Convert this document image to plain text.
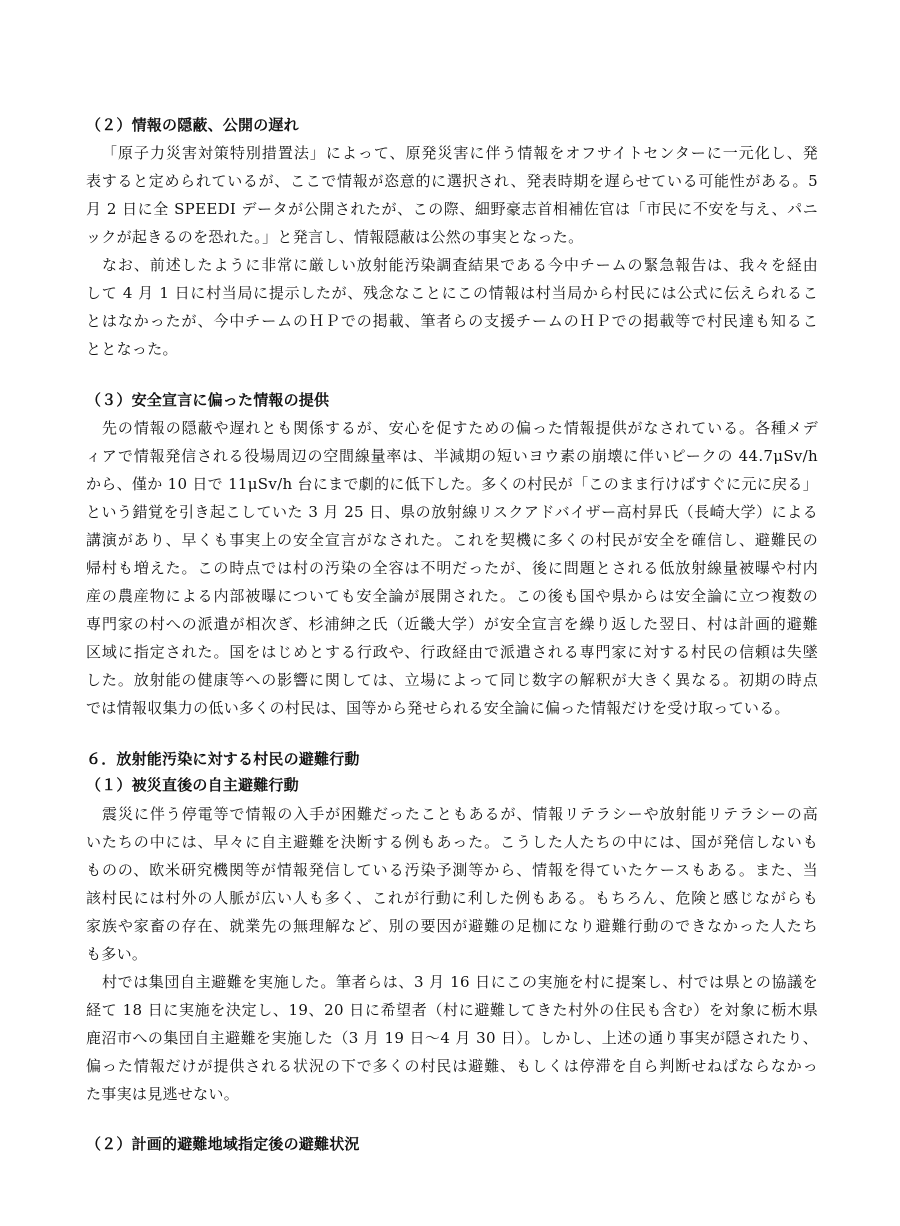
（２）情報の隠蔽、公開の遅れ
「原子力災害対策特別措置法」によって、原発災害に伴う情報をオフサイトセンターに一元化し、発
表すると定められているが、ここで情報が恣意的に選択され、発表時期を遅らせている可能性がある。5
月 2 日に全 SPEEDI データが公開されたが、この際、細野豪志首相補佐官は「市民に不安を与え、パニ
ックが起きるのを恐れた。」と発言し、情報隠蔽は公然の事実となった。
なお、前述したように非常に厳しい放射能汚染調査結果である今中チームの緊急報告は、我々を経由
して 4 月 1 日に村当局に提示したが、残念なことにこの情報は村当局から村民には公式に伝えられるこ
とはなかったが、今中チームのＨＰでの掲載、筆者らの支援チームのＨＰでの掲載等で村民達も知るこ
ととなった。
（３）安全宣言に偏った情報の提供
先の情報の隠蔽や遅れとも関係するが、安心を促すための偏った情報提供がなされている。各種メデ
ィアで情報発信される役場周辺の空間線量率は、半減期の短いヨウ素の崩壊に伴いピークの 44.7μSv/h
から、僅か 10 日で 11μSv/h 台にまで劇的に低下した。多くの村民が「このまま行けばすぐに元に戻る」
という錯覚を引き起こしていた 3 月 25 日、県の放射線リスクアドバイザー高村昇氏（長崎大学）による
講演があり、早くも事実上の安全宣言がなされた。これを契機に多くの村民が安全を確信し、避難民の
帰村も増えた。この時点では村の汚染の全容は不明だったが、後に問題とされる低放射線量被曝や村内
産の農産物による内部被曝についても安全論が展開された。この後も国や県からは安全論に立つ複数の
専門家の村への派遣が相次ぎ、杉浦紳之氏（近畿大学）が安全宣言を繰り返した翌日、村は計画的避難
区域に指定された。国をはじめとする行政や、行政経由で派遣される専門家に対する村民の信頼は失墜
した。放射能の健康等への影響に関しては、立場によって同じ数字の解釈が大きく異なる。初期の時点
では情報収集力の低い多くの村民は、国等から発せられる安全論に偏った情報だけを受け取っている。
６．放射能汚染に対する村民の避難行動
（１）被災直後の自主避難行動
震災に伴う停電等で情報の入手が困難だったこともあるが、情報リテラシーや放射能リテラシーの高
いたちの中には、早々に自主避難を決断する例もあった。こうした人たちの中には、国が発信しないも
ものの、欧米研究機関等が情報発信している汚染予測等から、情報を得ていたケースもある。また、当
該村民には村外の人脈が広い人も多く、これが行動に利した例もある。もちろん、危険と感じながらも
家族や家畜の存在、就業先の無理解など、別の要因が避難の足枷になり避難行動のできなかった人たち
も多い。
村では集団自主避難を実施した。筆者らは、3 月 16 日にこの実施を村に提案し、村では県との協議を
経て 18 日に実施を決定し、19、20 日に希望者（村に避難してきた村外の住民も含む）を対象に栃木県
鹿沼市への集団自主避難を実施した（3 月 19 日～4 月 30 日）。しかし、上述の通り事実が隠されたり、
偏った情報だけが提供される状況の下で多くの村民は避難、もしくは停滞を自ら判断せねばならなかっ
た事実は見逃せない。
（２）計画的避難地域指定後の避難状況
